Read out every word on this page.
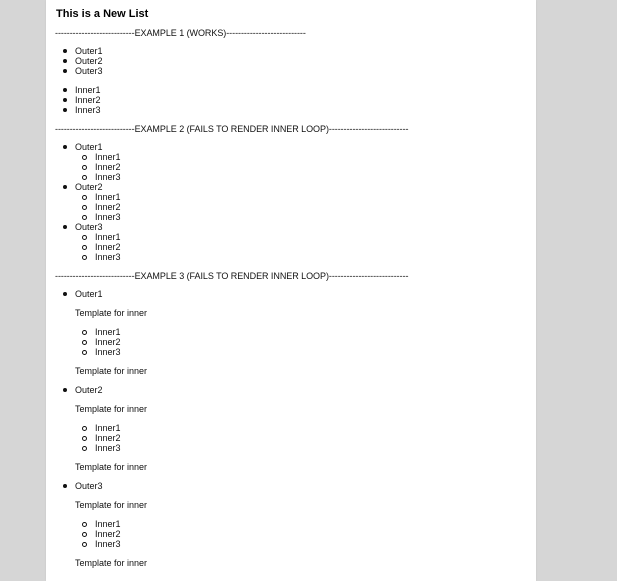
This is a New List
---------------------------EXAMPLE 1 (WORKS)---------------------------
Outer1
Outer2
Outer3
Inner1
Inner2
Inner3
---------------------------EXAMPLE 2 (FAILS TO RENDER INNER LOOP)---------------------------
Outer1
Inner1
Inner2
Inner3
Outer2
Inner1
Inner2
Inner3
Outer3
Inner1
Inner2
Inner3
---------------------------EXAMPLE 3 (FAILS TO RENDER INNER LOOP)---------------------------
Outer1
Template for inner
Inner1
Inner2
Inner3
Template for inner
Outer2
Template for inner
Inner1
Inner2
Inner3
Template for inner
Outer3
Template for inner
Inner1
Inner2
Inner3
Template for inner
